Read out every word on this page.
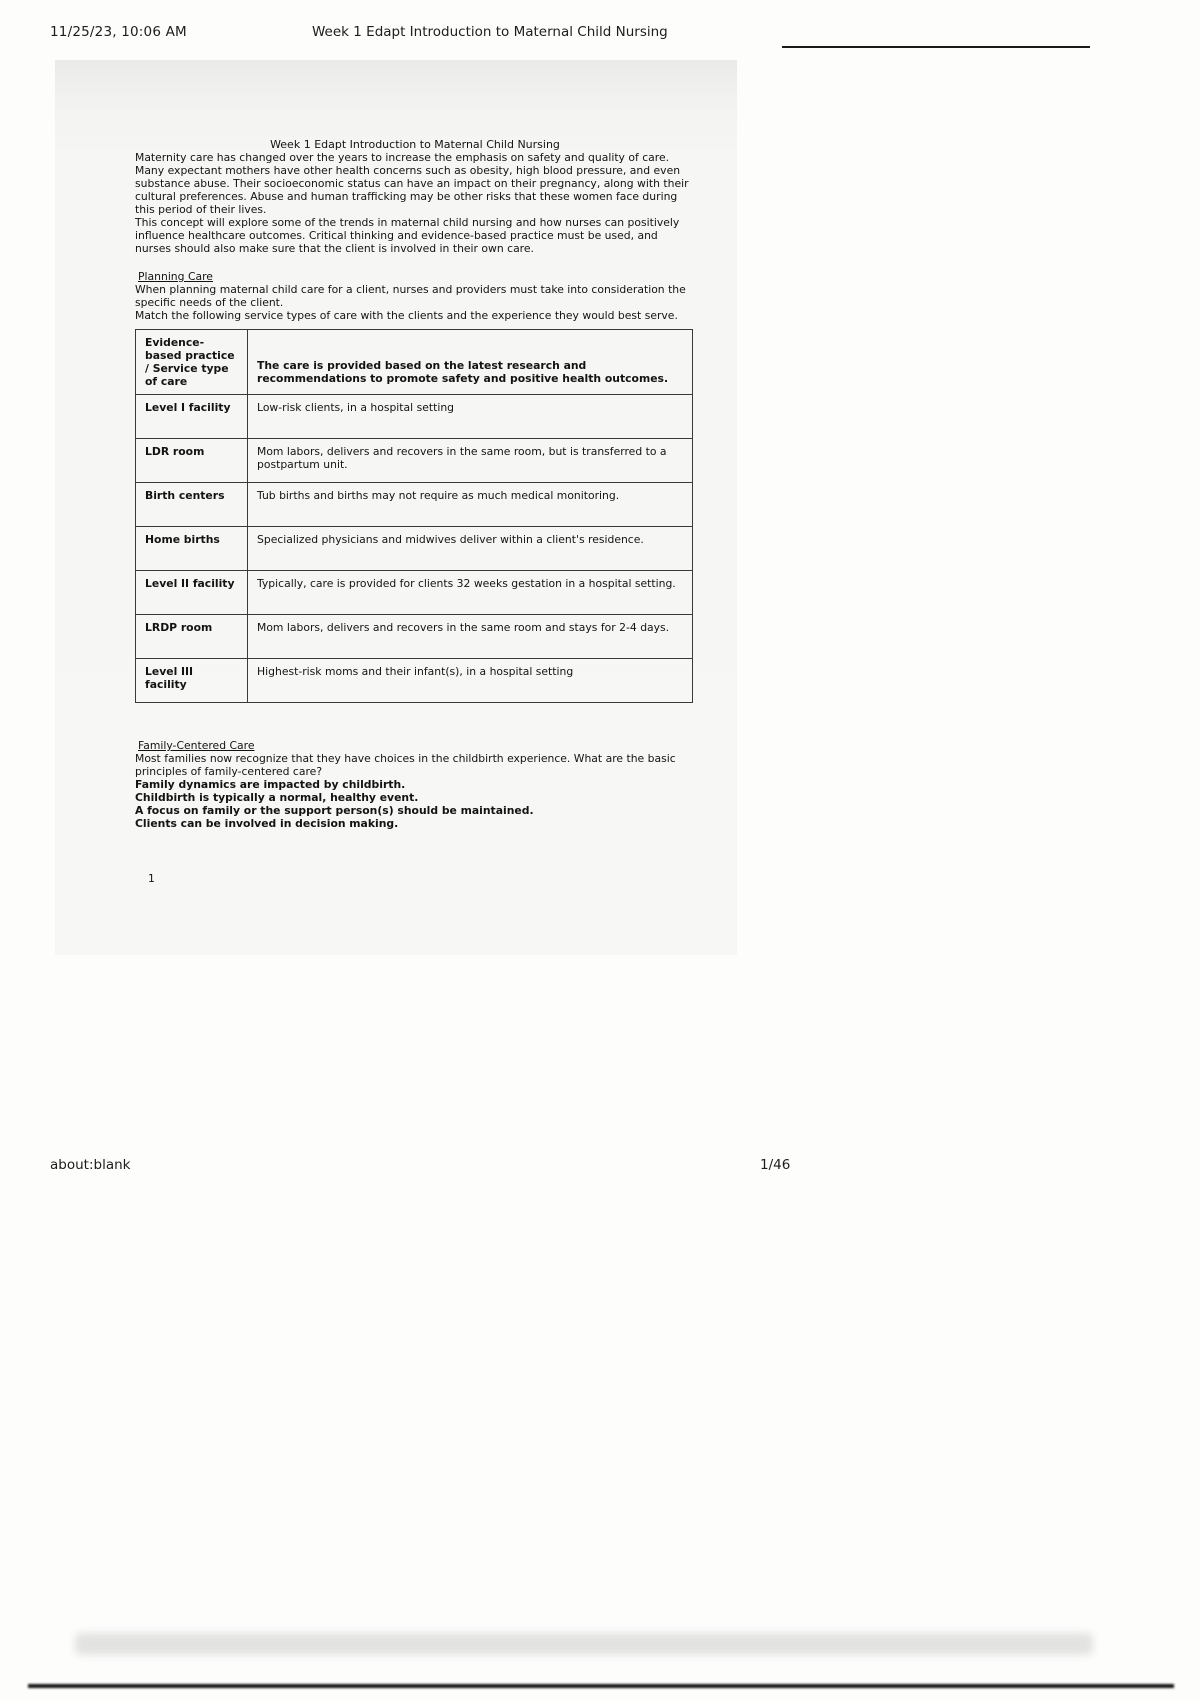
11/25/23, 10:06 AM	Week 1 Edapt Introduction to Maternal Child Nursing

Week 1 Edapt Introduction to Maternal Child Nursing

Maternity care has changed over the years to increase the emphasis on safety and quality of care.

Many expectant mothers have other health concerns such as obesity, high blood pressure, and even substance abuse. Their socioeconomic status can have an impact on their pregnancy, along with their cultural preferences. Abuse and human trafficking may be other risks that these women face during this period of their lives.

This concept will explore some of the trends in maternal child nursing and how nurses can positively influence healthcare outcomes. Critical thinking and evidence-based practice must be used, and nurses should also make sure that the client is involved in their own care.

Planning Care

When planning maternal child care for a client, nurses and providers must take into consideration the specific needs of the client.

Match the following service types of care with the clients and the experience they would best serve.

Evidence-based practice / Service type of care	The care is provided based on the latest research and recommendations to promote safety and positive health outcomes.
Level I facility	Low-risk clients, in a hospital setting
LDR room	Mom labors, delivers and recovers in the same room, but is transferred to a postpartum unit.
Birth centers	Tub births and births may not require as much medical monitoring.
Home births	Specialized physicians and midwives deliver within a client's residence.
Level II facility	Typically, care is provided for clients 32 weeks gestation in a hospital setting.
LRDP room	Mom labors, delivers and recovers in the same room and stays for 2-4 days.
Level III facility	Highest-risk moms and their infant(s), in a hospital setting
Family-Centered Care

Most families now recognize that they have choices in the childbirth experience. What are the basic principles of family-centered care?

Family dynamics are impacted by childbirth.
Childbirth is typically a normal, healthy event.
A focus on family or the support person(s) should be maintained.
Clients can be involved in decision making.
1
about:blank	1/46
